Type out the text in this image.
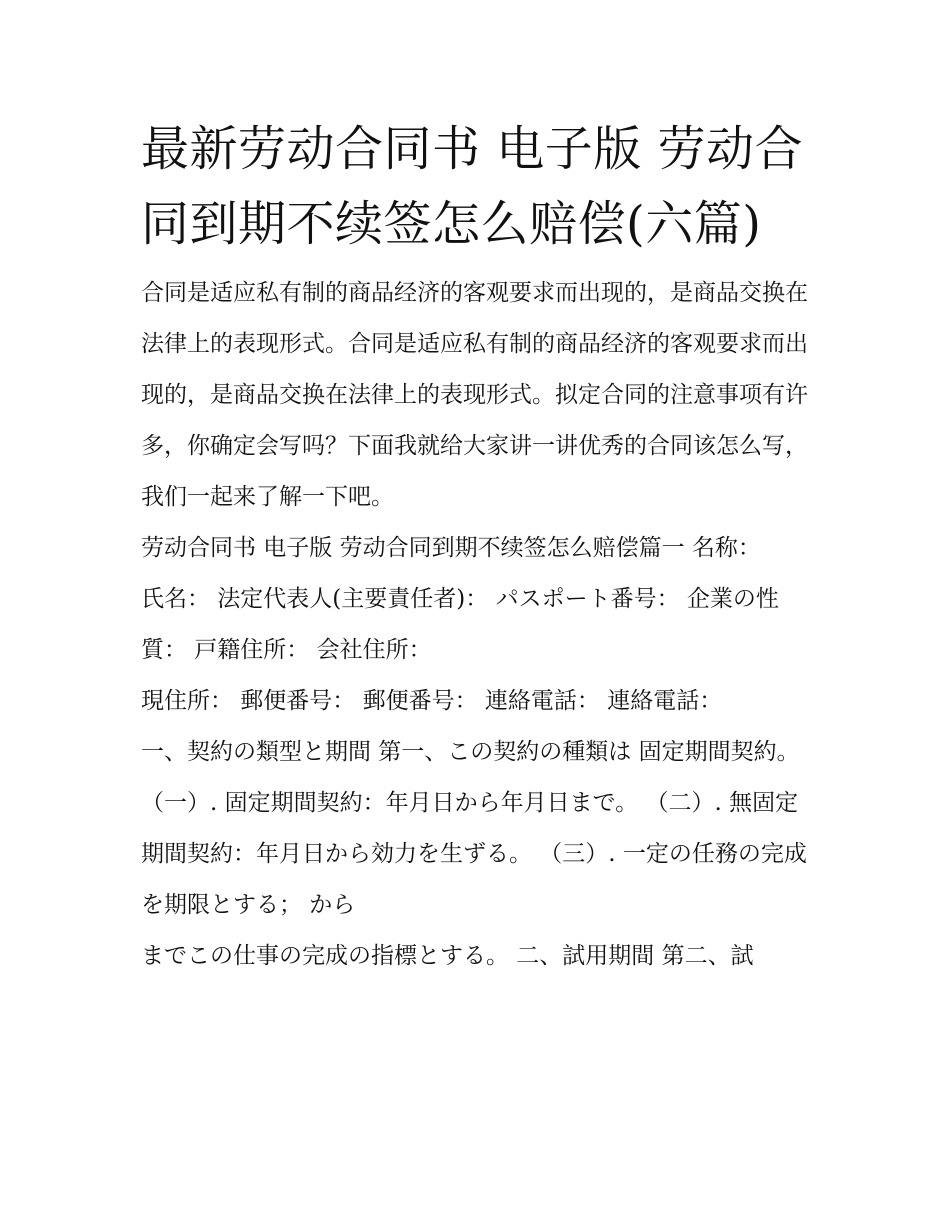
最新劳动合同书 电子版 劳动合同到期不续签怎么赔偿(六篇)

合同是适应私有制的商品经济的客观要求而出现的，是商品交换在法律上的表现形式。合同是适应私有制的商品经济的客观要求而出现的，是商品交换在法律上的表现形式。拟定合同的注意事项有许多，你确定会写吗？下面我就给大家讲一讲优秀的合同该怎么写，我们一起来了解一下吧。

劳动合同书 电子版 劳动合同到期不续签怎么赔偿篇一 名称：

氏名： 法定代表人(主要責任者)： パスポート番号： 企業の性質： 戸籍住所： 会社住所：

現住所： 郵便番号： 郵便番号： 連絡電話： 連絡電話：

一、契約の類型と期間 第一、この契約の種類は 固定期間契約。

（一）. 固定期間契約：年月日から年月日まで。 （二）. 無固定期間契約：年月日から効力を生ずる。 （三）. 一定の任務の完成を期限とする； から

までこの仕事の完成の指標とする。 二、試用期間 第二、試
